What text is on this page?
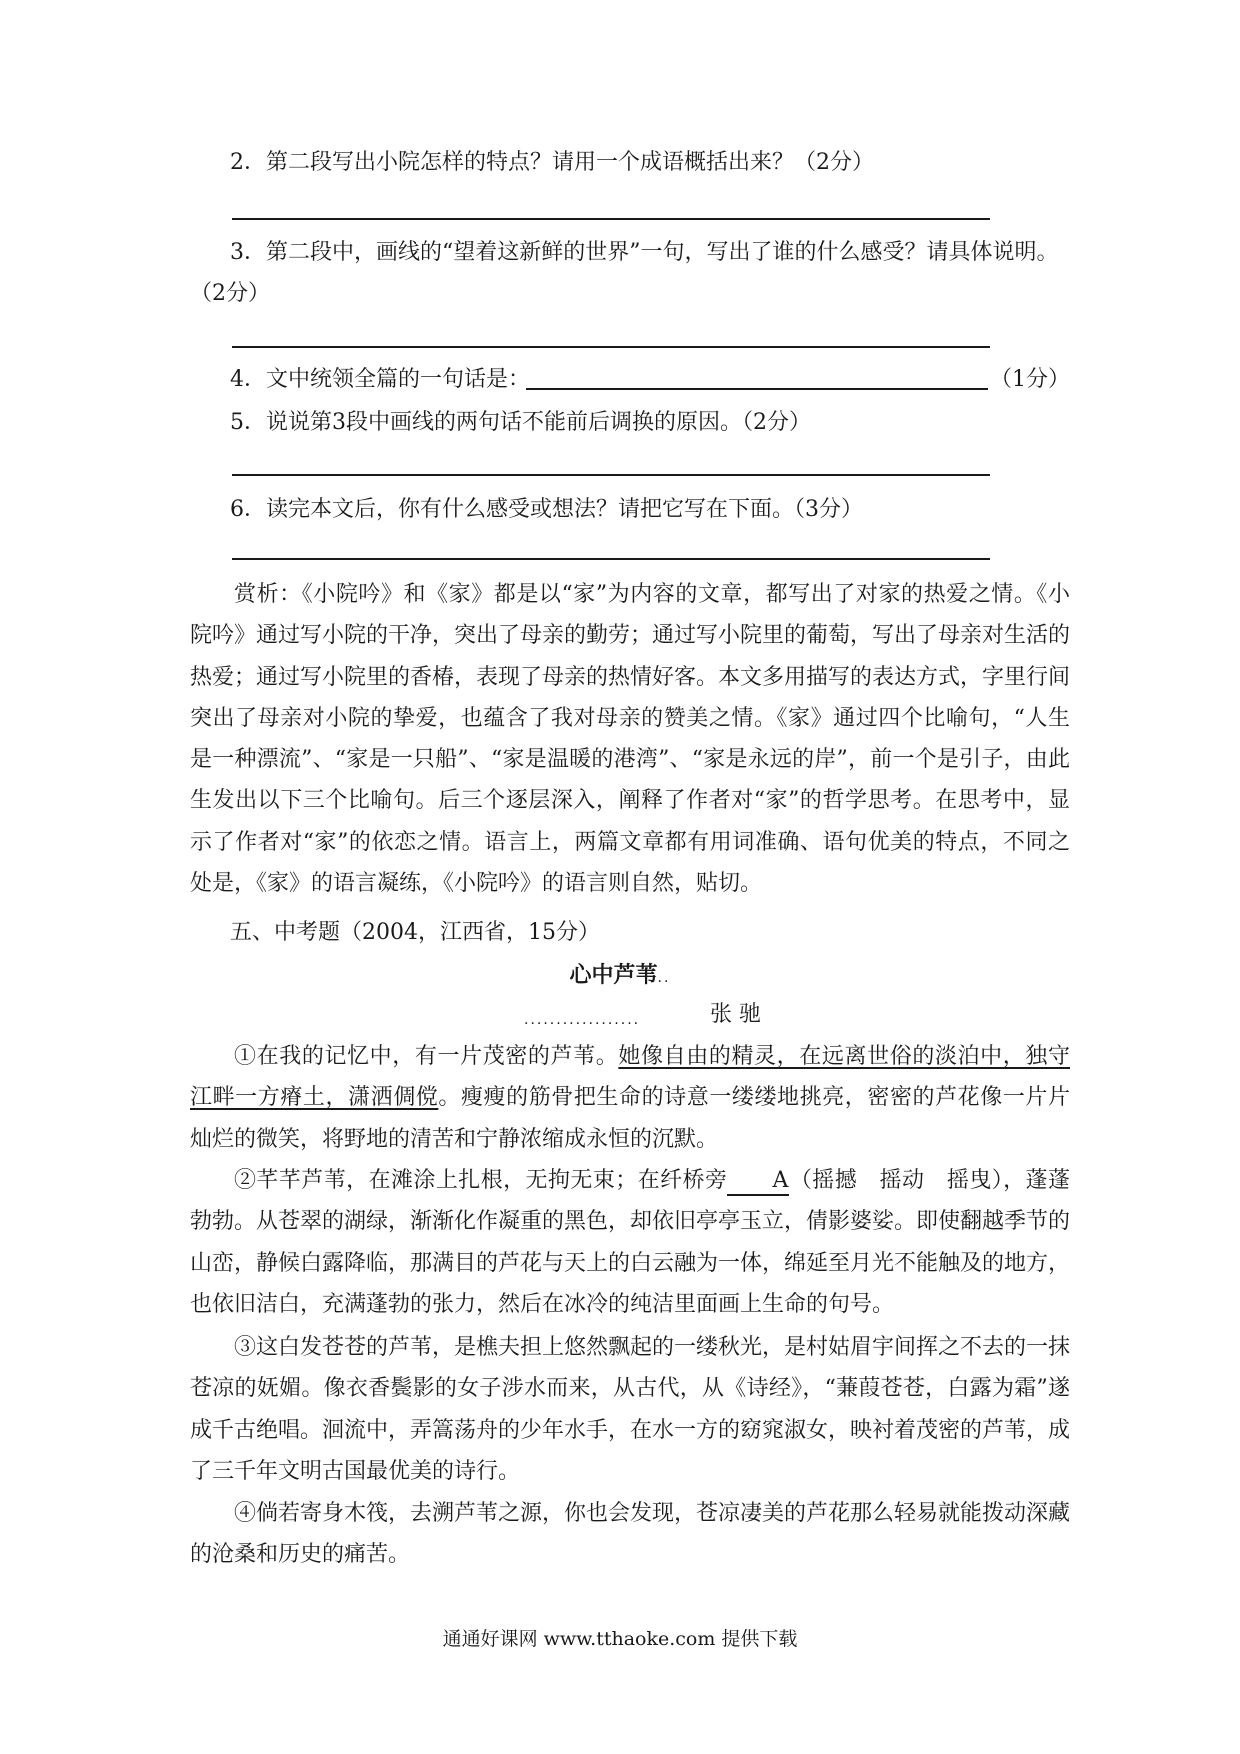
2．第二段写出小院怎样的特点？请用一个成语概括出来？（2分）
3．第二段中，画线的“望着这新鲜的世界”一句，写出了谁的什么感受？请具体说明。
（2分）
4．文中统领全篇的一句话是：	（1分）
5．说说第3段中画线的两句话不能前后调换的原因。（2分）
6．读完本文后，你有什么感受或想法？请把它写在下面。（3分）
赏析：《小院吟》和《家》都是以“家”为内容的文章，都写出了对家的热爱之情。《小院吟》通过写小院的干净，突出了母亲的勤劳；通过写小院里的葡萄，写出了母亲对生活的热爱；通过写小院里的香椿，表现了母亲的热情好客。本文多用描写的表达方式，字里行间突出了母亲对小院的挚爱，也蕴含了我对母亲的赞美之情。《家》通过四个比喻句，“人生是一种漂流”、“家是一只船”、“家是温暖的港湾”、“家是永远的岸”，前一个是引子，由此生发出以下三个比喻句。后三个逐层深入，阐释了作者对“家”的哲学思考。在思考中，显示了作者对“家”的依恋之情。语言上，两篇文章都有用词准确、语句优美的特点，不同之处是，《家》的语言凝练，《小院吟》的语言则自然，贴切。
五、中考题（2004，江西省，15分）
心中芦苇..
..................	张 驰
①在我的记忆中，有一片茂密的芦苇。她像自由的精灵，在远离世俗的淡泊中，独守江畔一方瘠土，潇洒倜傥。瘦瘦的筋骨把生命的诗意一缕缕地挑亮，密密的芦花像一片片灿烂的微笑，将野地的清苦和宁静浓缩成永恒的沉默。
②芊芊芦苇，在滩涂上扎根，无拘无束；在纤桥旁 A（摇撼　摇动　摇曳），蓬蓬勃勃。从苍翠的湖绿，渐渐化作凝重的黑色，却依旧亭亭玉立，倩影婆娑。即使翻越季节的山峦，静候白露降临，那满目的芦花与天上的白云融为一体，绵延至月光不能触及的地方，也依旧洁白，充满蓬勃的张力，然后在冰冷的纯洁里面画上生命的句号。
③这白发苍苍的芦苇，是樵夫担上悠然飘起的一缕秋光，是村姑眉宇间挥之不去的一抹苍凉的妩媚。像衣香鬓影的女子涉水而来，从古代，从《诗经》，“蒹葭苍苍，白露为霜”遂成千古绝唱。洄流中，弄篙荡舟的少年水手，在水一方的窈窕淑女，映衬着茂密的芦苇，成了三千年文明古国最优美的诗行。
④倘若寄身木筏，去溯芦苇之源，你也会发现，苍凉凄美的芦花那么轻易就能拨动深藏的沧桑和历史的痛苦。
通通好课网 www.tthaoke.com 提供下载
